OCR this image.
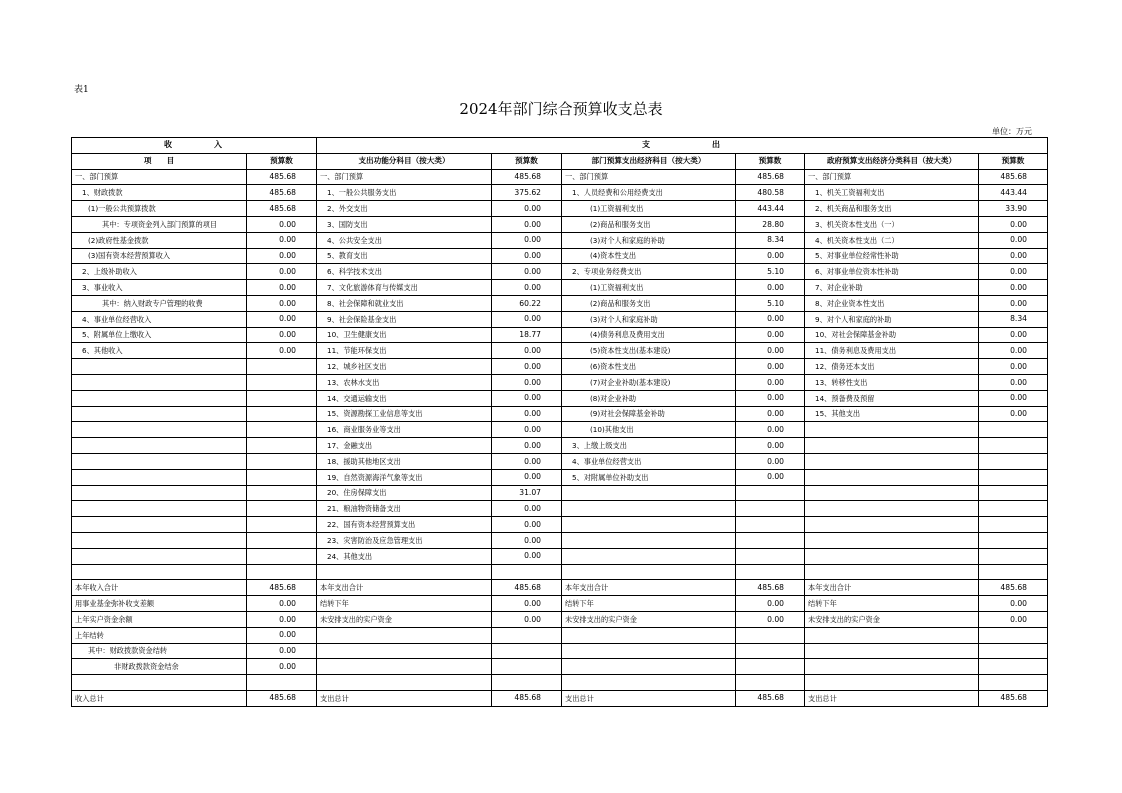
表1
2024年部门综合预算收支总表
单位：万元
收　　　　入		支　　　　　　出					
项　　目	预算数	支出功能分科目（按大类）	预算数	部门预算支出经济科目（按大类）	预算数	政府预算支出经济分类科目（按大类）	预算数
一、部门预算	485.68	一、部门预算	485.68	一、部门预算	485.68	一、部门预算	485.68
1、财政拨款	485.68	1、一般公共服务支出	375.62	1、人员经费和公用经费支出	480.58	1、机关工资福利支出	443.44
(1)一般公共预算拨款	485.68	2、外交支出	0.00	(1)工资福利支出	443.44	2、机关商品和服务支出	33.90
其中：专项资金列入部门预算的项目	0.00	3、国防支出	0.00	(2)商品和服务支出	28.80	3、机关资本性支出（一）	0.00
(2)政府性基金拨款	0.00	4、公共安全支出	0.00	(3)对个人和家庭的补助	8.34	4、机关资本性支出（二）	0.00
(3)国有资本经营预算收入	0.00	5、教育支出	0.00	(4)资本性支出	0.00	5、对事业单位经常性补助	0.00
2、上级补助收入	0.00	6、科学技术支出	0.00	2、专项业务经费支出	5.10	6、对事业单位资本性补助	0.00
3、事业收入	0.00	7、文化旅游体育与传媒支出	0.00	(1)工资福利支出	0.00	7、对企业补助	0.00
其中：纳入财政专户管理的收费	0.00	8、社会保障和就业支出	60.22	(2)商品和服务支出	5.10	8、对企业资本性支出	0.00
4、事业单位经营收入	0.00	9、社会保险基金支出	0.00	(3)对个人和家庭补助	0.00	9、对个人和家庭的补助	8.34
5、附属单位上缴收入	0.00	10、卫生健康支出	18.77	(4)债务利息及费用支出	0.00	10、对社会保障基金补助	0.00
6、其他收入	0.00	11、节能环保支出	0.00	(5)资本性支出(基本建设)	0.00	11、债务利息及费用支出	0.00
		12、城乡社区支出	0.00	(6)资本性支出	0.00	12、债务还本支出	0.00
		13、农林水支出	0.00	(7)对企业补助(基本建设)	0.00	13、转移性支出	0.00
		14、交通运输支出	0.00	(8)对企业补助	0.00	14、预备费及预留	0.00
		15、资源勘探工业信息等支出	0.00	(9)对社会保障基金补助	0.00	15、其他支出	0.00
		16、商业服务业等支出	0.00	(10)其他支出	0.00		
		17、金融支出	0.00	3、上缴上级支出	0.00		
		18、援助其他地区支出	0.00	4、事业单位经营支出	0.00		
		19、自然资源海洋气象等支出	0.00	5、对附属单位补助支出	0.00		
		20、住房保障支出	31.07				
		21、粮油物资储备支出	0.00				
		22、国有资本经营预算支出	0.00				
		23、灾害防治及应急管理支出	0.00				
		24、其他支出	0.00				

本年收入合计	485.68	本年支出合计	485.68	本年支出合计	485.68	本年支出合计	485.68
用事业基金弥补收支差额	0.00	结转下年	0.00	结转下年	0.00	结转下年	0.00
上年实户资金余额	0.00	未安排支出的实户资金	0.00	未安排支出的实户资金	0.00	未安排支出的实户资金	0.00
上年结转	0.00						
其中：财政拨款资金结转	0.00						
非财政拨款资金结余	0.00						

收入总计	485.68	支出总计	485.68	支出总计	485.68	支出总计	485.68
